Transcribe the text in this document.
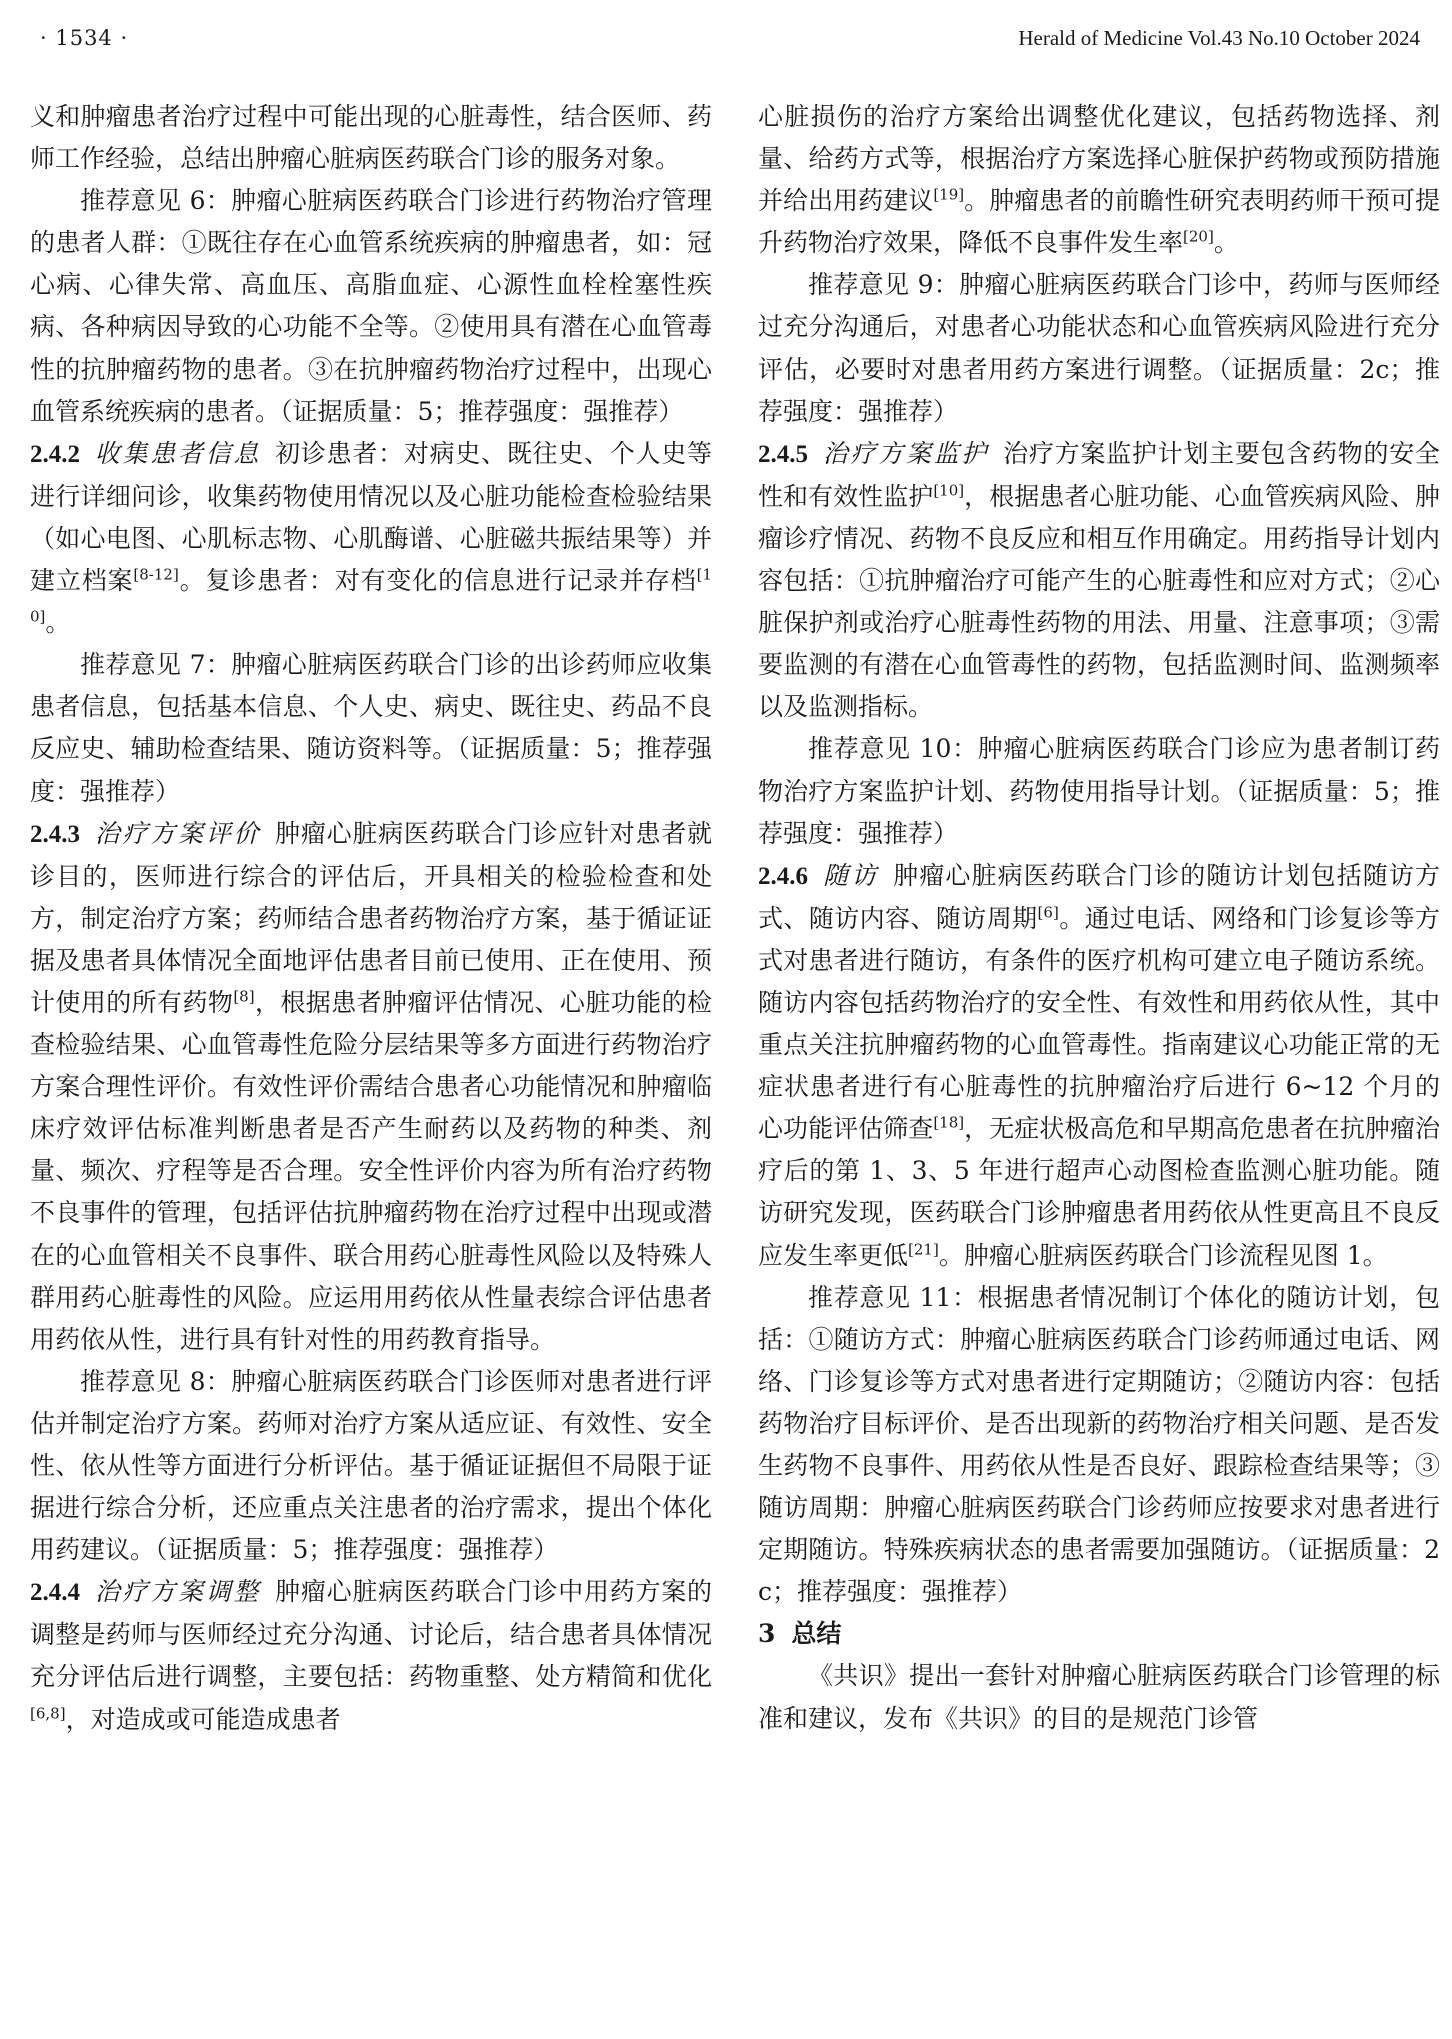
· 1534 ·	Herald of Medicine Vol.43 No.10 October 2024

义和肿瘤患者治疗过程中可能出现的心脏毒性，结合医师、药师工作经验，总结出肿瘤心脏病医药联合门诊的服务对象。

推荐意见 6：肿瘤心脏病医药联合门诊进行药物治疗管理的患者人群：①既往存在心血管系统疾病的肿瘤患者，如：冠心病、心律失常、高血压、高脂血症、心源性血栓栓塞性疾病、各种病因导致的心功能不全等。②使用具有潜在心血管毒性的抗肿瘤药物的患者。③在抗肿瘤药物治疗过程中，出现心血管系统疾病的患者。（证据质量：5；推荐强度：强推荐）

2.4.2 收集患者信息 初诊患者：对病史、既往史、个人史等进行详细问诊，收集药物使用情况以及心脏功能检查检验结果（如心电图、心肌标志物、心肌酶谱、心脏磁共振结果等）并建立档案[8-12]。复诊患者：对有变化的信息进行记录并存档[10]。

推荐意见 7：肿瘤心脏病医药联合门诊的出诊药师应收集患者信息，包括基本信息、个人史、病史、既往史、药品不良反应史、辅助检查结果、随访资料等。（证据质量：5；推荐强度：强推荐）

2.4.3 治疗方案评价 肿瘤心脏病医药联合门诊应针对患者就诊目的，医师进行综合的评估后，开具相关的检验检查和处方，制定治疗方案；药师结合患者药物治疗方案，基于循证证据及患者具体情况全面地评估患者目前已使用、正在使用、预计使用的所有药物[8]，根据患者肿瘤评估情况、心脏功能的检查检验结果、心血管毒性危险分层结果等多方面进行药物治疗方案合理性评价。有效性评价需结合患者心功能情况和肿瘤临床疗效评估标准判断患者是否产生耐药以及药物的种类、剂量、频次、疗程等是否合理。安全性评价内容为所有治疗药物不良事件的管理，包括评估抗肿瘤药物在治疗过程中出现或潜在的心血管相关不良事件、联合用药心脏毒性风险以及特殊人群用药心脏毒性的风险。应运用用药依从性量表综合评估患者用药依从性，进行具有针对性的用药教育指导。

推荐意见 8：肿瘤心脏病医药联合门诊医师对患者进行评估并制定治疗方案。药师对治疗方案从适应证、有效性、安全性、依从性等方面进行分析评估。基于循证证据但不局限于证据进行综合分析，还应重点关注患者的治疗需求，提出个体化用药建议。（证据质量：5；推荐强度：强推荐）

2.4.4 治疗方案调整 肿瘤心脏病医药联合门诊中用药方案的调整是药师与医师经过充分沟通、讨论后，结合患者具体情况充分评估后进行调整，主要包括：药物重整、处方精简和优化[6,8]，对造成或可能造成患者

心脏损伤的治疗方案给出调整优化建议，包括药物选择、剂量、给药方式等，根据治疗方案选择心脏保护药物或预防措施并给出用药建议[19]。肿瘤患者的前瞻性研究表明药师干预可提升药物治疗效果，降低不良事件发生率[20]。

推荐意见 9：肿瘤心脏病医药联合门诊中，药师与医师经过充分沟通后，对患者心功能状态和心血管疾病风险进行充分评估，必要时对患者用药方案进行调整。（证据质量：2c；推荐强度：强推荐）

2.4.5 治疗方案监护 治疗方案监护计划主要包含药物的安全性和有效性监护[10]，根据患者心脏功能、心血管疾病风险、肿瘤诊疗情况、药物不良反应和相互作用确定。用药指导计划内容包括：①抗肿瘤治疗可能产生的心脏毒性和应对方式；②心脏保护剂或治疗心脏毒性药物的用法、用量、注意事项；③需要监测的有潜在心血管毒性的药物，包括监测时间、监测频率以及监测指标。

推荐意见 10：肿瘤心脏病医药联合门诊应为患者制订药物治疗方案监护计划、药物使用指导计划。（证据质量：5；推荐强度：强推荐）

2.4.6 随访 肿瘤心脏病医药联合门诊的随访计划包括随访方式、随访内容、随访周期[6]。通过电话、网络和门诊复诊等方式对患者进行随访，有条件的医疗机构可建立电子随访系统。随访内容包括药物治疗的安全性、有效性和用药依从性，其中重点关注抗肿瘤药物的心血管毒性。指南建议心功能正常的无症状患者进行有心脏毒性的抗肿瘤治疗后进行 6~12 个月的心功能评估筛查[18]，无症状极高危和早期高危患者在抗肿瘤治疗后的第 1、3、5 年进行超声心动图检查监测心脏功能。随访研究发现，医药联合门诊肿瘤患者用药依从性更高且不良反应发生率更低[21]。肿瘤心脏病医药联合门诊流程见图 1。

推荐意见 11：根据患者情况制订个体化的随访计划，包括：①随访方式：肿瘤心脏病医药联合门诊药师通过电话、网络、门诊复诊等方式对患者进行定期随访；②随访内容：包括药物治疗目标评价、是否出现新的药物治疗相关问题、是否发生药物不良事件、用药依从性是否良好、跟踪检查结果等；③随访周期：肿瘤心脏病医药联合门诊药师应按要求对患者进行定期随访。特殊疾病状态的患者需要加强随访。（证据质量：2c；推荐强度：强推荐）

3 总结

《共识》提出一套针对肿瘤心脏病医药联合门诊管理的标准和建议，发布《共识》的目的是规范门诊管
